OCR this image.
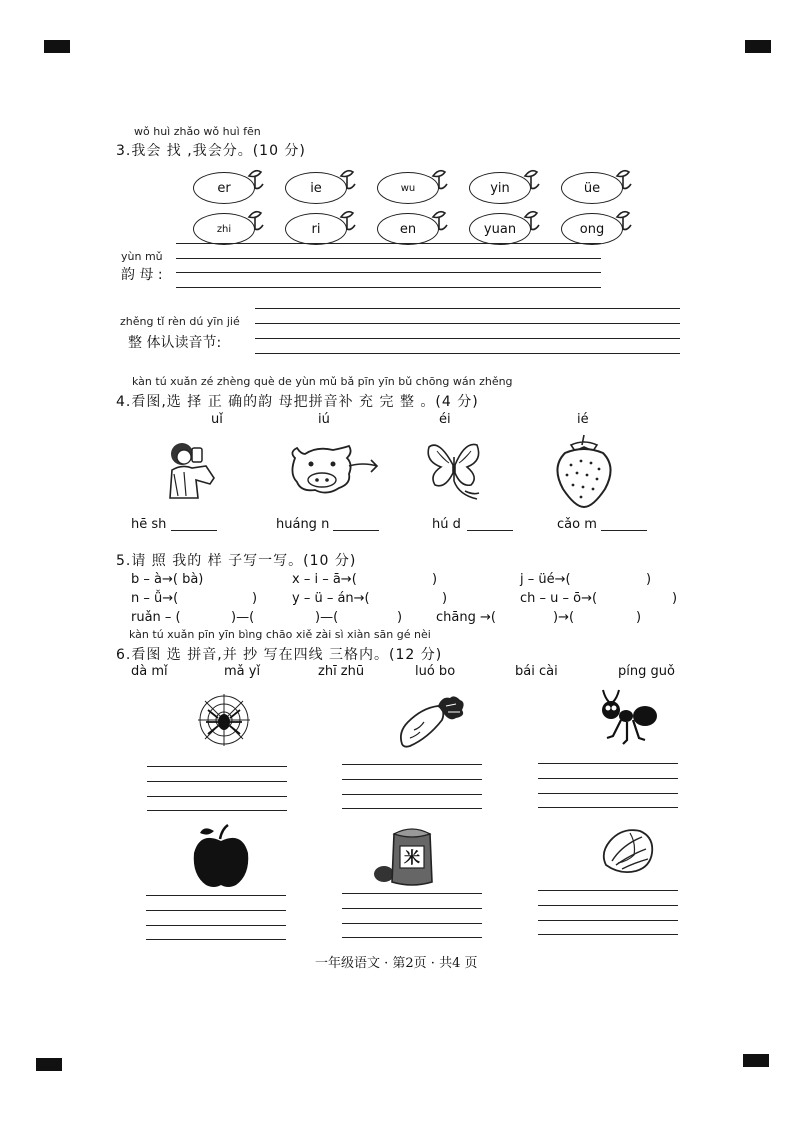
wǒ huì zhǎo wǒ huì fēn
3.我会 找 ,我会分。(10 分)
er	ie	wu	yin	üe
zhi	ri	en	yuan	ong
yùn mǔ
韵 母 :
zhěng tǐ rèn dú yīn jié
整 体认读音节:
kàn tú xuǎn zé zhèng què de yùn mǔ bǎ pīn yīn bǔ chōng wán zhěng
4.看图,选 择 正 确的韵 母把拼音补 充 完 整 。(4 分)
uǐ	iú	éi	ié
hē sh	huáng n	hú d	cǎo m
5.请 照 我的 样 子写一写。(10 分)
b – à→( bà)	x – i – ā→(	)	j – üé→(	)
n – ǚ→(	)	y – ü – án→(	)	ch – u – ō→(	)
ruǎn – (	)—(	)—(	)	chāng →(	)→(	)
kàn tú xuǎn pīn yīn bìng chāo xiě zài sì xiàn sān gé nèi
6.看图 选 拼音,并 抄 写在四线 三格内。(12 分)
dà mǐ	mǎ yǐ	zhī zhū	luó bo	bái cài	píng guǒ
米
一年级语文 · 第2页 · 共4 页
